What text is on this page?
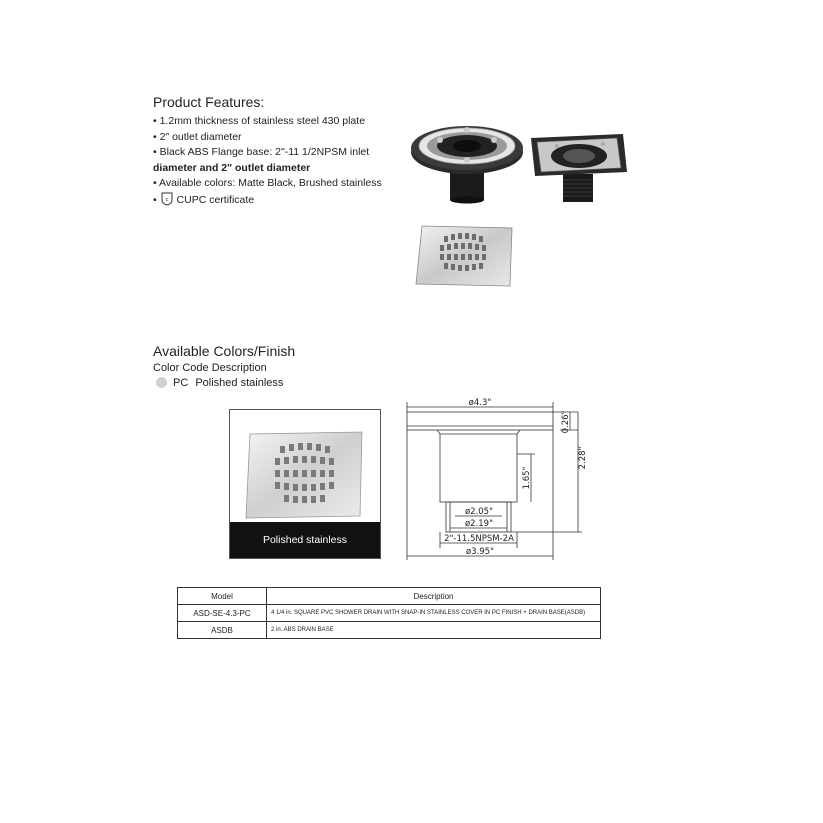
Product Features:
• 1.2mm thickness of stainless steel 430 plate
• 2" outlet diameter
• Black ABS Flange base: 2"-11 1/2NPSM inlet
diameter and 2" outlet diameter
• Available colors: Matte Black, Brushed stainless
• c CUPC certificate
Available Colors/Finish
Color Code Description
PC Polished stainless
Polished stainless
ø4.3"
0.26"
2.28"
1.65"
ø2.05"
ø2.19"
2"-11.5NPSM-2A
ø3.95"
Model	Description
ASD-SE-4.3-PC	4 1/4 in. SQUARE PVC SHOWER DRAIN WITH SNAP-IN STAINLESS COVER IN PC FINISH + DRAIN BASE(ASDB)
ASDB	2 in. ABS DRAIN BASE
